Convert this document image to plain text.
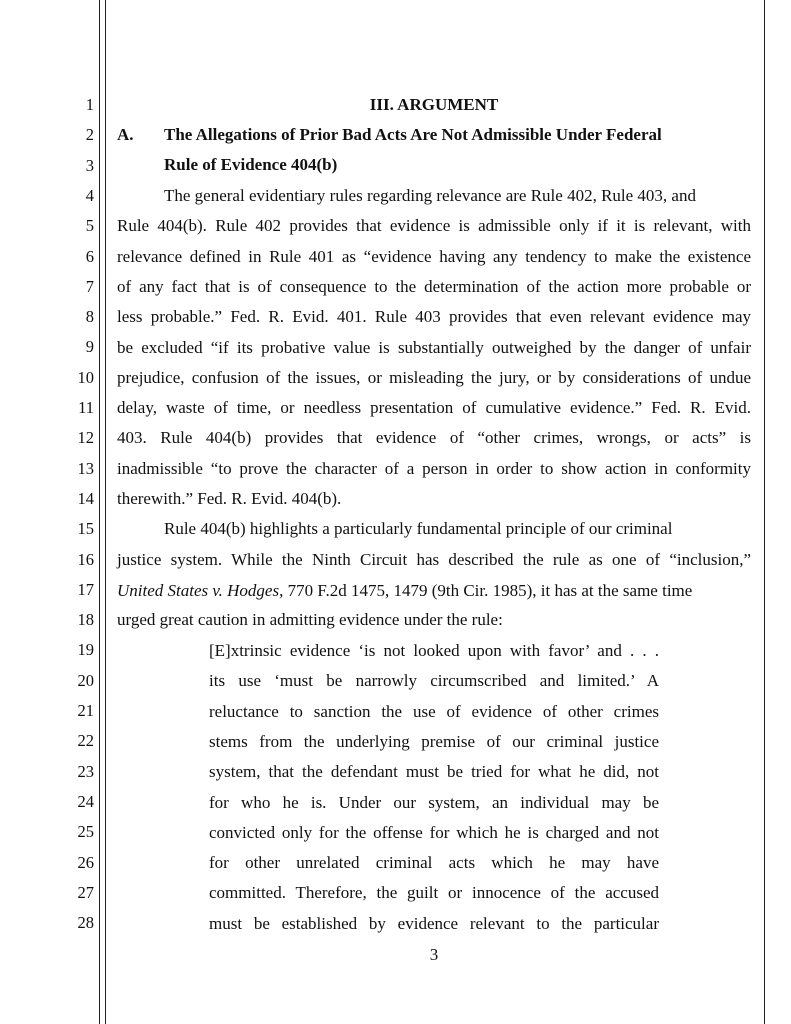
1
2
3
4
5
6
7
8
9
10
11
12
13
14
15
16
17
18
19
20
21
22
23
24
25
26
27
28
III. ARGUMENT
A. The Allegations of Prior Bad Acts Are Not Admissible Under Federal
Rule of Evidence 404(b)
The general evidentiary rules regarding relevance are Rule 402, Rule 403, and
Rule 404(b). Rule 402 provides that evidence is admissible only if it is relevant, with
relevance defined in Rule 401 as “evidence having any tendency to make the existence
of any fact that is of consequence to the determination of the action more probable or
less probable.” Fed. R. Evid. 401. Rule 403 provides that even relevant evidence may
be excluded “if its probative value is substantially outweighed by the danger of unfair
prejudice, confusion of the issues, or misleading the jury, or by considerations of undue
delay, waste of time, or needless presentation of cumulative evidence.” Fed. R. Evid.
403. Rule 404(b) provides that evidence of “other crimes, wrongs, or acts” is
inadmissible “to prove the character of a person in order to show action in conformity
therewith.” Fed. R. Evid. 404(b).
Rule 404(b) highlights a particularly fundamental principle of our criminal
justice system. While the Ninth Circuit has described the rule as one of “inclusion,”
urged great caution in admitting evidence under the rule:
United States v. Hodges, 770 F.2d 1475, 1479 (9th Cir. 1985), it has at the same time
[E]xtrinsic evidence ‘is not looked upon with favor’ and . . .
its use ‘must be narrowly circumscribed and limited.’ A
reluctance to sanction the use of evidence of other crimes
stems from the underlying premise of our criminal justice
system, that the defendant must be tried for what he did, not
for who he is. Under our system, an individual may be
convicted only for the offense for which he is charged and not
for other unrelated criminal acts which he may have
committed. Therefore, the guilt or innocence of the accused
must be established by evidence relevant to the particular
3
